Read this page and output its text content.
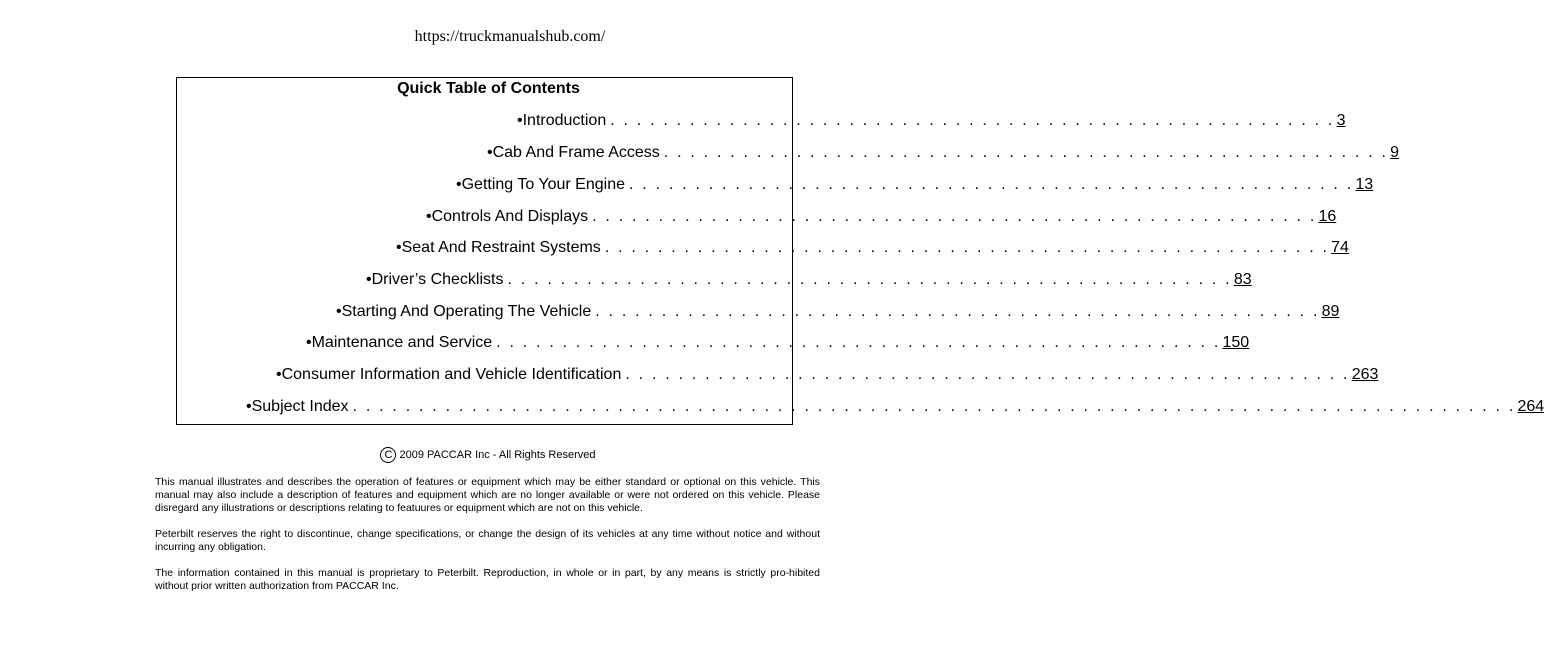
https://truckmanualshub.com/
Quick Table of Contents
•Introduction . . . . . . . . . . . . . . . . . . . . . . . . . . . . . . . . . . . . . . . . . . . . . . . . . . . . . . . 3
•Cab And Frame Access . . . . . . . . . . . . . . . . . . . . . . . . . . . . . . . . . . . . . . . . . . . . . . . . . . . . . . . 9
•Getting To Your Engine . . . . . . . . . . . . . . . . . . . . . . . . . . . . . . . . . . . . . . . . . . . . . . . . . . . . . . . 13
•Controls And Displays . . . . . . . . . . . . . . . . . . . . . . . . . . . . . . . . . . . . . . . . . . . . . . . . . . . . . . . 16
•Seat And Restraint Systems . . . . . . . . . . . . . . . . . . . . . . . . . . . . . . . . . . . . . . . . . . . . . . . . . . . . . . . 74
•Driver’s Checklists . . . . . . . . . . . . . . . . . . . . . . . . . . . . . . . . . . . . . . . . . . . . . . . . . . . . . . . 83
•Starting And Operating The Vehicle . . . . . . . . . . . . . . . . . . . . . . . . . . . . . . . . . . . . . . . . . . . . . . . . . . . . . . . 89
•Maintenance and Service . . . . . . . . . . . . . . . . . . . . . . . . . . . . . . . . . . . . . . . . . . . . . . . . . . . . . . . 150
•Consumer Information and Vehicle Identification . . . . . . . . . . . . . . . . . . . . . . . . . . . . . . . . . . . . . . . . . . . . . . . . . . . . . . . 263
•Subject Index . . . . . . . . . . . . . . . . . . . . . . . . . . . . . . . . . . . . . . . . . . . . . . . . . . . . . . . . . . . . . . . . . . . . . . . . . . . . . . . . . . . . . . . . 264
C 2009 PACCAR Inc - All Rights Reserved
This manual illustrates and describes the operation of features or equipment which may be either standard or optional on this vehicle. This manual may also include a description of features and equipment which are no longer available or were not ordered on this vehicle. Please disregard any illustrations or descriptions relating to featuures or equipment which are not on this vehicle.
Peterbilt reserves the right to discontinue, change specifications, or change the design of its vehicles at any time without notice and without incurring any obligation.
The information contained in this manual is proprietary to Peterbilt. Reproduction, in whole or in part, by any means is strictly pro-hibited without prior written authorization from PACCAR Inc.
